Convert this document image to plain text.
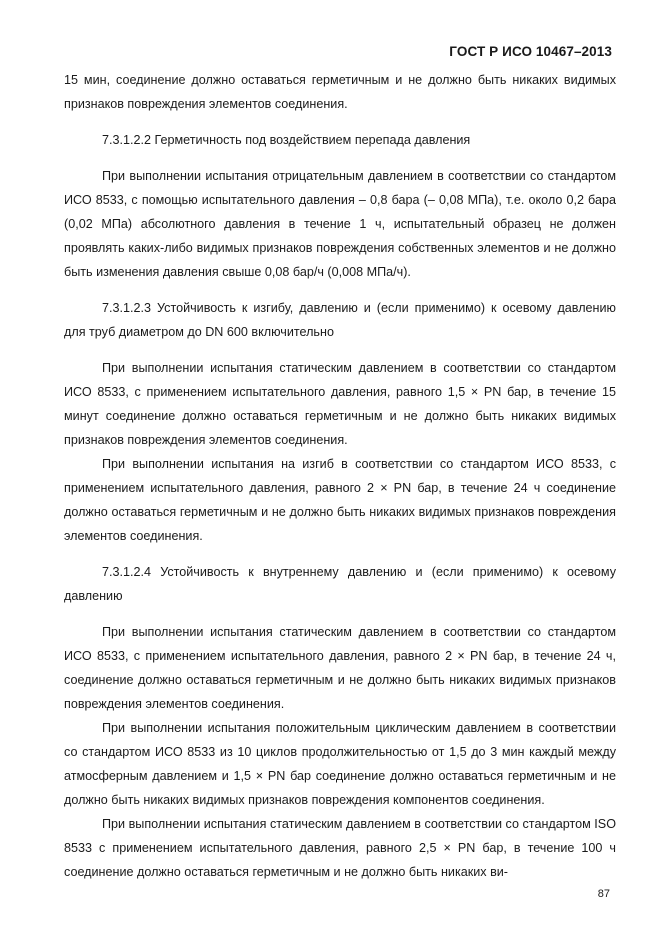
ГОСТ Р ИСО 10467–2013

15 мин, соединение должно оставаться герметичным и не должно быть никаких видимых признаков повреждения элементов соединения.

7.3.1.2.2 Герметичность под воздействием перепада давления

При выполнении испытания отрицательным давлением в соответствии со стандартом ИСО 8533, с помощью испытательного давления – 0,8 бара (– 0,08 МПа), т.е. около 0,2 бара (0,02 МПа) абсолютного давления в течение 1 ч, испытательный образец не должен проявлять каких-либо видимых признаков повреждения собственных элементов и не должно быть изменения давления свыше 0,08 бар/ч (0,008 МПа/ч).

7.3.1.2.3 Устойчивость к изгибу, давлению и (если применимо) к осевому давлению для труб диаметром до DN 600 включительно

При выполнении испытания статическим давлением в соответствии со стандартом ИСО 8533, с применением испытательного давления, равного 1,5 × PN бар, в течение 15 минут соединение должно оставаться герметичным и не должно быть никаких видимых признаков повреждения элементов соединения.

При выполнении испытания на изгиб в соответствии со стандартом ИСО 8533, с применением испытательного давления, равного 2 × PN бар, в течение 24 ч соединение должно оставаться герметичным и не должно быть никаких видимых признаков повреждения элементов соединения.

7.3.1.2.4 Устойчивость к внутреннему давлению и (если применимо) к осевому давлению

При выполнении испытания статическим давлением в соответствии со стандартом ИСО 8533, с применением испытательного давления, равного 2 × PN бар, в течение 24 ч, соединение должно оставаться герметичным и не должно быть никаких видимых признаков повреждения элементов соединения.

При выполнении испытания положительным циклическим давлением в соответствии со стандартом ИСО 8533 из 10 циклов продолжительностью от 1,5 до 3 мин каждый между атмосферным давлением и 1,5 × PN бар соединение должно оставаться герметичным и не должно быть никаких видимых признаков повреждения компонентов соединения.

При выполнении испытания статическим давлением в соответствии со стандартом ISO 8533 с применением испытательного давления, равного 2,5 × PN бар, в течение 100 ч соединение должно оставаться герметичным и не должно быть никаких ви-

87
